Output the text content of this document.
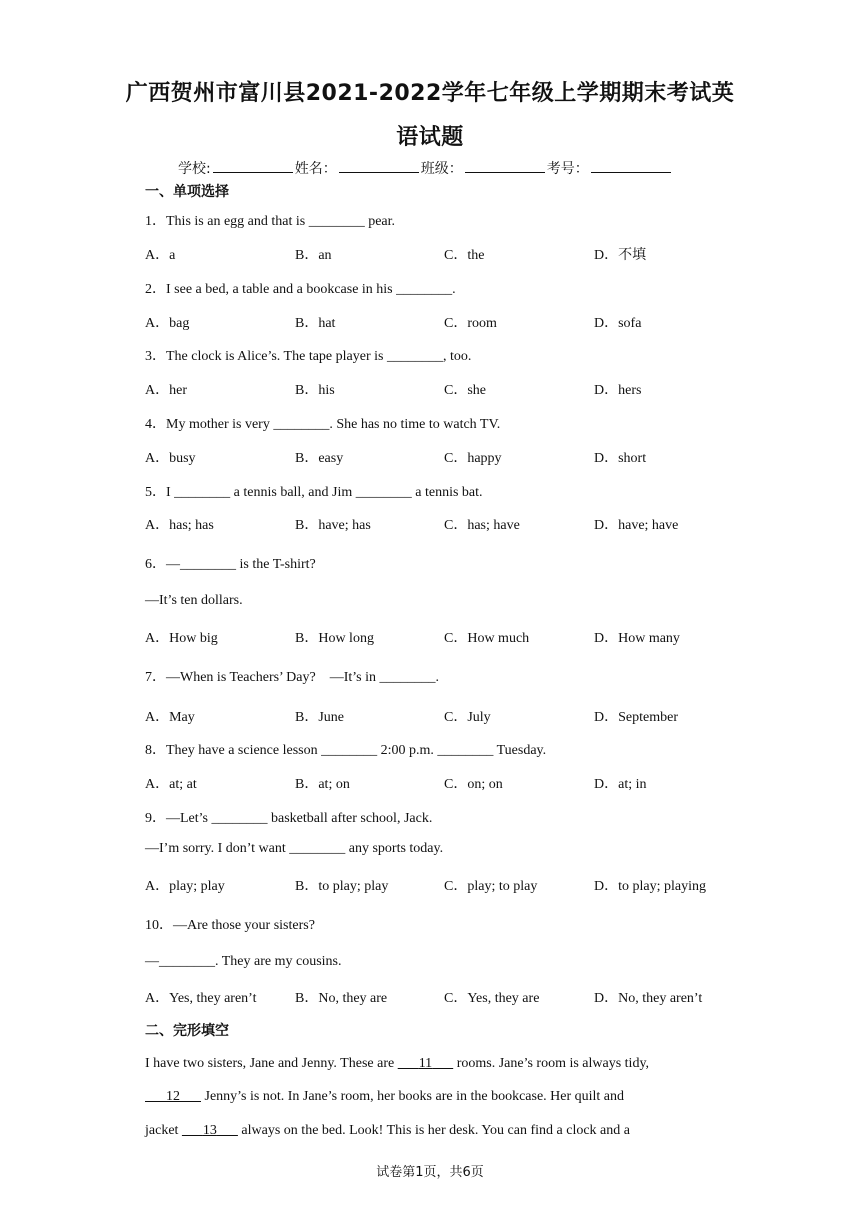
广西贺州市富川县2021-2022学年七年级上学期期末考试英
语试题
学校:	姓名：	班级：	考号：
一、单项选择
1．This is an egg and that is ________ pear.
A．a	B．an	C．the	D．不填
2．I see a bed, a table and a bookcase in his ________.
A．bag	B．hat	C．room	D．sofa
3．The clock is Alice’s. The tape player is ________, too.
A．her	B．his	C．she	D．hers
4．My mother is very ________. She has no time to watch TV.
A．busy	B．easy	C．happy	D．short
5．I ________ a tennis ball, and Jim ________ a tennis bat.
A．has; has	B．have; has	C．has; have	D．have; have
6．—________ is the T-shirt?
—It’s ten dollars.
A．How big	B．How long	C．How much	D．How many
7．—When is Teachers’ Day?　—It’s in ________.
A．May	B．June	C．July	D．September
8．They have a science lesson ________ 2:00 p.m. ________ Tuesday.
A．at; at	B．at; on	C．on; on	D．at; in
9．—Let’s ________ basketball after school, Jack.
—I’m sorry. I don’t want ________ any sports today.
A．play; play	B．to play; play	C．play; to play	D．to play; playing
10．—Are those your sisters?
—________. They are my cousins.
A．Yes, they aren’t	B．No, they are	C．Yes, they are	D．No, they aren’t
二、完形填空
I have two sisters, Jane and Jenny. These are    11    rooms. Jane’s room is always tidy,
   12    Jenny’s is not. In Jane’s room, her books are in the bookcase. Her quilt and
jacket    13    always on the bed. Look! This is her desk. You can find a clock and a
试卷第1页，共6页
